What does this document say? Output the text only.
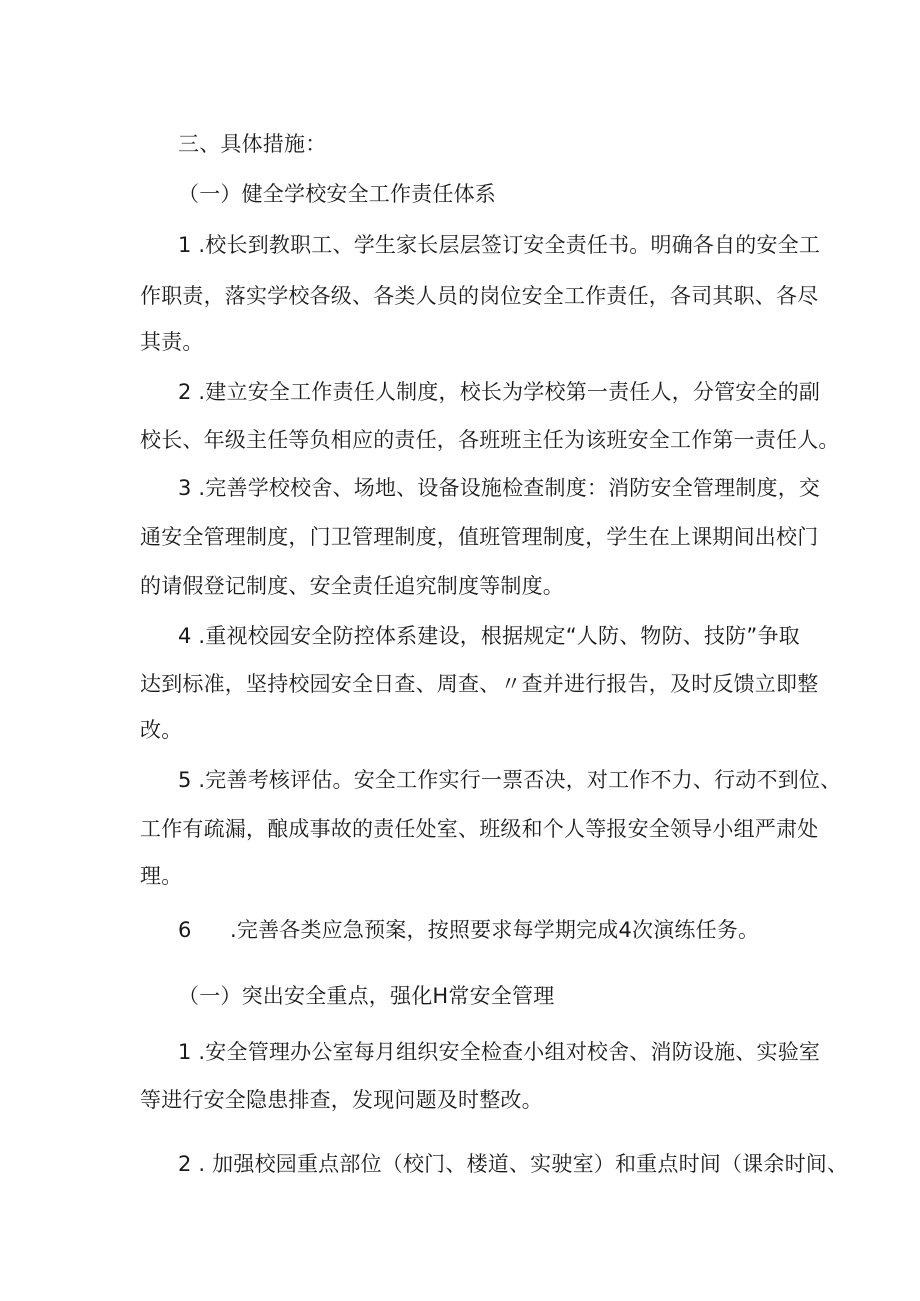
三、具体措施：
（一）健全学校安全工作责任体系
1 .校长到教职工、学生家长层层签订安全责任书。明确各自的安全工
作职责，落实学校各级、各类人员的岗位安全工作责任，各司其职、各尽
其责。
2 .建立安全工作责任人制度，校长为学校第一责任人，分管安全的副
校长、年级主任等负相应的责任，各班班主任为该班安全工作第一责任人。
3 .完善学校校舍、场地、设备设施检查制度：消防安全管理制度，交
通安全管理制度，门卫管理制度，值班管理制度，学生在上课期间出校门
的请假登记制度、安全责任追究制度等制度。
4 .重视校园安全防控体系建设，根据规定“人防、物防、技防”争取
达到标准，坚持校园安全日查、周查、〃查并进行报告，及时反馈立即整
改。
5 .完善考核评估。安全工作实行一票否决，对工作不力、行动不到位、
工作有疏漏，酿成事故的责任处室、班级和个人等报安全领导小组严肃处
理。
6 .完善各类应急预案，按照要求每学期完成4次演练任务。
（一）突出安全重点，强化H常安全管理
1 .安全管理办公室每月组织安全检查小组对校舍、消防设施、实验室
等进行安全隐患排查，发现问题及时整改。
2 . 加强校园重点部位（校门、楼道、实驶室）和重点时间（课余时间、
